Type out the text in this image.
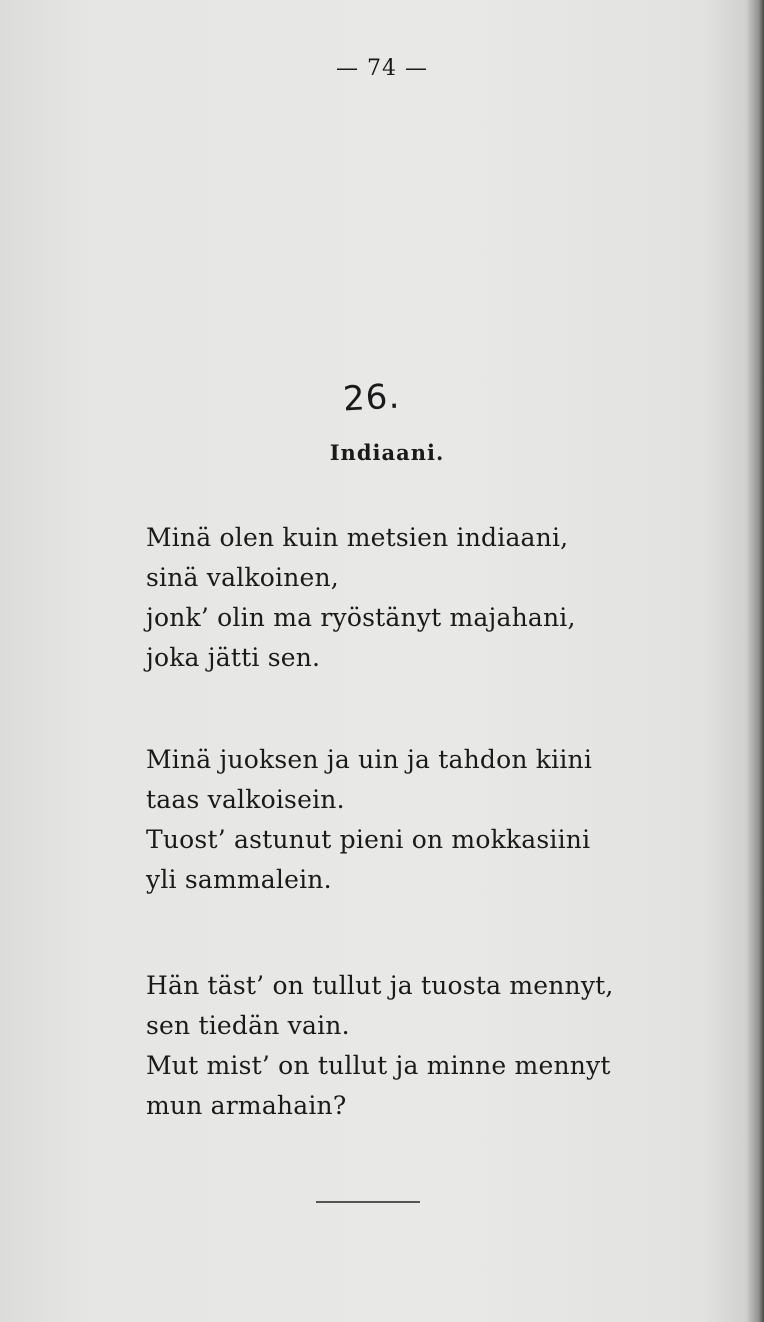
— 74 —
26.
Indiaani.
Minä olen kuin metsien indiaani,
sinä valkoinen,
jonk’ olin ma ryöstänyt majahani,
joka jätti sen.
Minä juoksen ja uin ja tahdon kiini
taas valkoisein.
Tuost’ astunut pieni on mokkasiini
yli sammalein.
Hän täst’ on tullut ja tuosta mennyt,
sen tiedän vain.
Mut mist’ on tullut ja minne mennyt
mun armahain?
